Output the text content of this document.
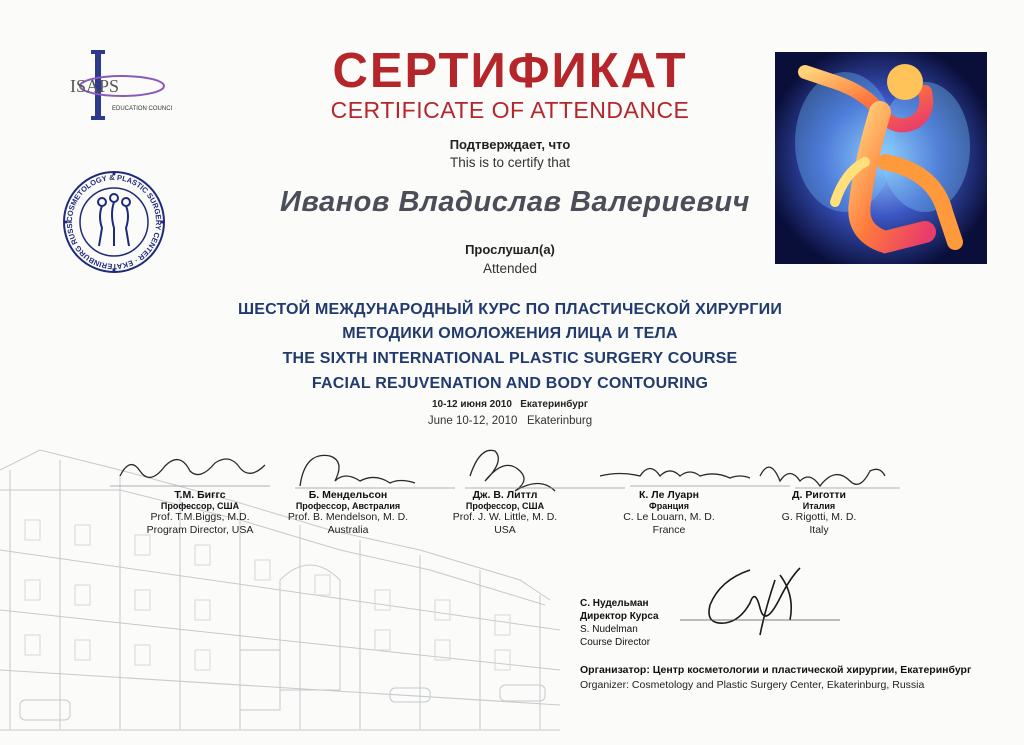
ISAPS
EDUCATION COUNCIL
COSMETOLOGY & PLASTIC SURGERY CENTER · EKATERINBURG RUSSI
СЕРТИФИКАТ
CERTIFICATE OF ATTENDANCE
Подтверждает, что
This is to certify that
Иванов Владислав Валериевич
Прослушал(а)
Attended
ШЕСТОЙ МЕЖДУНАРОДНЫЙ КУРС ПО ПЛАСТИЧЕСКОЙ ХИРУРГИИ
МЕТОДИКИ ОМОЛОЖЕНИЯ ЛИЦА И ТЕЛА
THE SIXTH INTERNATIONAL PLASTIC SURGERY COURSE
FACIAL REJUVENATION AND BODY CONTOURING
10-12 июня 2010   Екатеринбург
June 10-12, 2010   Ekaterinburg
Т.М. Биггс
Профессор, США
Prof. T.M.Biggs, M.D.
Program Director, USA
Б. Мендельсон
Профессор, Австралия
Prof. B. Mendelson, M. D.
Australia
Дж. В. Литтл
Профессор, США
Prof. J. W. Little, M. D.
USA
К. Ле Луарн
Франция
C. Le Louarn, M. D.
France
Д. Риготти
Италия
G. Rigotti, M. D.
Italy
С. Нудельман
Директор Курса
S. Nudelman
Course Director
Организатор: Центр косметологии и пластической хирургии, Екатеринбург
Organizer: Cosmetology and Plastic Surgery Center, Ekaterinburg, Russia
